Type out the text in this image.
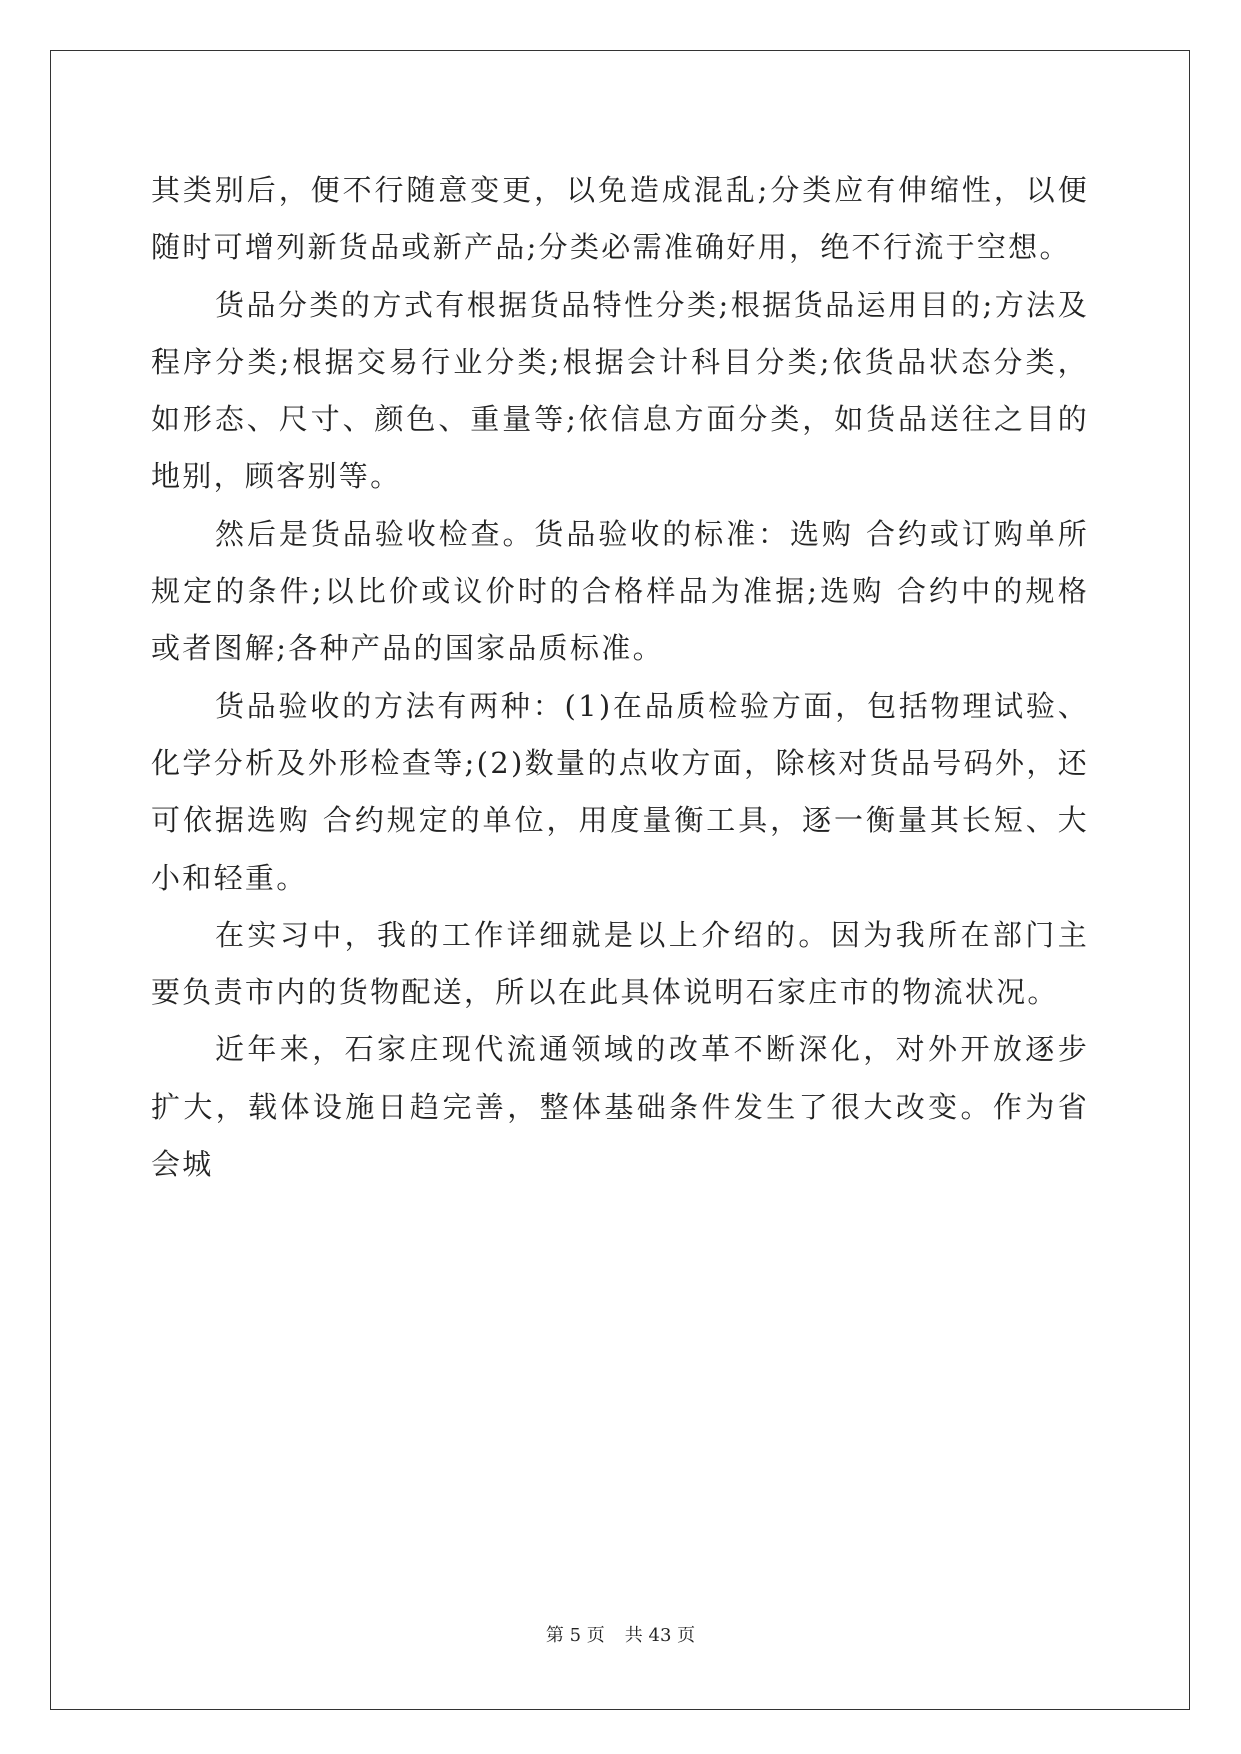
其类别后，便不行随意变更，以免造成混乱;分类应有伸缩性，以便随时可增列新货品或新产品;分类必需准确好用，绝不行流于空想。

货品分类的方式有根据货品特性分类;根据货品运用目的;方法及程序分类;根据交易行业分类;根据会计科目分类;依货品状态分类，如形态、尺寸、颜色、重量等;依信息方面分类，如货品送往之目的地别，顾客别等。

然后是货品验收检查。货品验收的标准：选购 合约或订购单所规定的条件;以比价或议价时的合格样品为准据;选购 合约中的规格或者图解;各种产品的国家品质标准。

货品验收的方法有两种：(1)在品质检验方面，包括物理试验、化学分析及外形检查等;(2)数量的点收方面，除核对货品号码外，还可依据选购 合约规定的单位，用度量衡工具，逐一衡量其长短、大小和轻重。

在实习中，我的工作详细就是以上介绍的。因为我所在部门主要负责市内的货物配送，所以在此具体说明石家庄市的物流状况。

近年来，石家庄现代流通领域的改革不断深化，对外开放逐步扩大，载体设施日趋完善，整体基础条件发生了很大改变。作为省会城

第 5 页 共 43 页
